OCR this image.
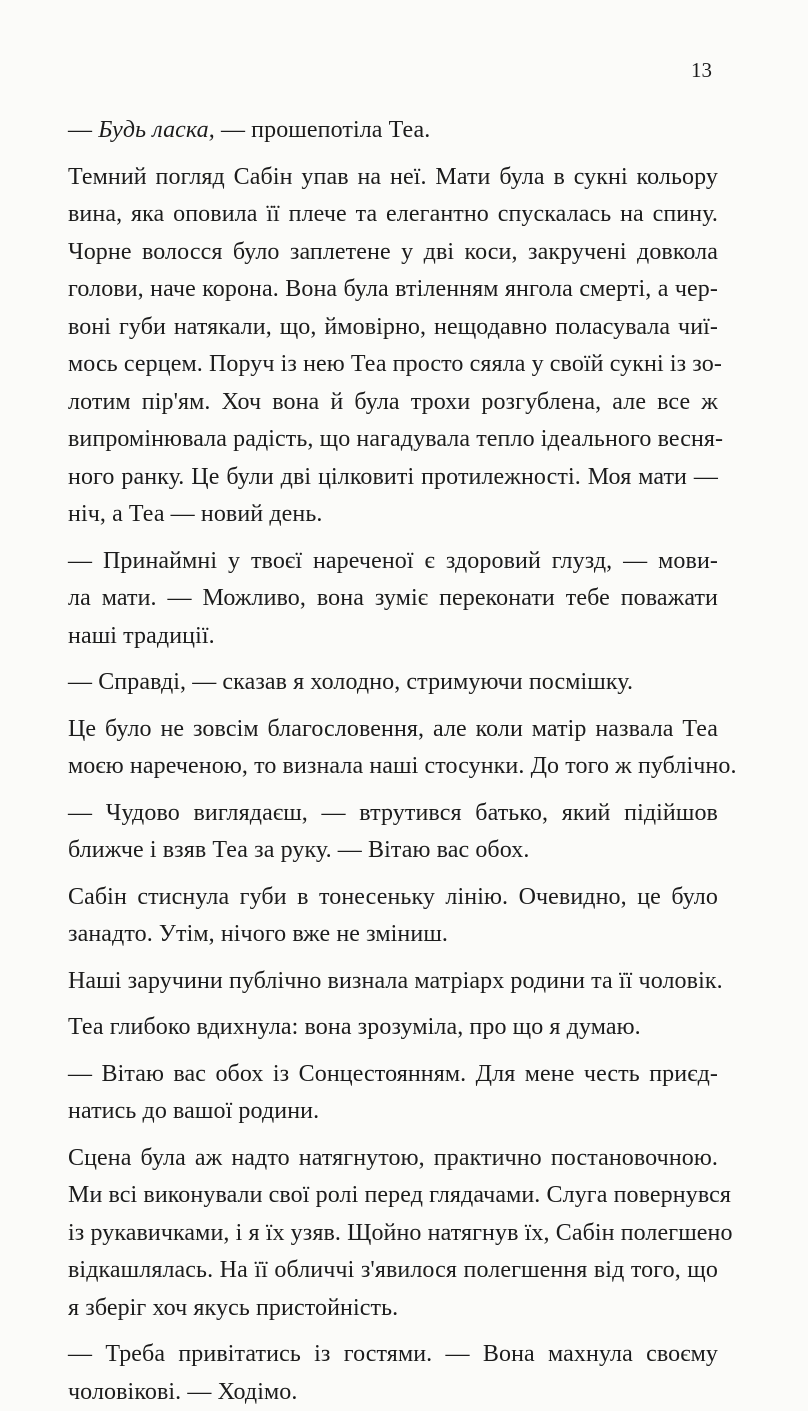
13
— Будь ласка, — прошепотіла Теа.
Темний погляд Сабін упав на неї. Мати була в сукні кольору
вина, яка оповила її плече та елегантно спускалась на спину.
Чорне волосся було заплетене у дві коси, закручені довкола
голови, наче корона. Вона була втіленням янгола смерті, а чер-
воні губи натякали, що, ймовірно, нещодавно поласувала чиї-
мось серцем. Поруч із нею Теа просто сяяла у своїй сукні із зо-
лотим пір'ям. Хоч вона й була трохи розгублена, але все ж
випромінювала радість, що нагадувала тепло ідеального весня-
ного ранку. Це були дві цілковиті протилежності. Моя мати —
ніч, а Теа — новий день.
— Принаймні у твоєї нареченої є здоровий глузд, — мови-
ла мати. — Можливо, вона зуміє переконати тебе поважати
наші традиції.
— Справді, — сказав я холодно, стримуючи посмішку.
Це було не зовсім благословення, але коли матір назвала Теа
моєю нареченою, то визнала наші стосунки. До того ж публічно.
— Чудово виглядаєш, — втрутився батько, який підійшов
ближче і взяв Теа за руку. — Вітаю вас обох.
Сабін стиснула губи в тонесеньку лінію. Очевидно, це було
занадто. Утім, нічого вже не зміниш.
Наші заручини публічно визнала матріарх родини та її чоловік.
Теа глибоко вдихнула: вона зрозуміла, про що я думаю.
— Вітаю вас обох із Сонцестоянням. Для мене честь приєд-
натись до вашої родини.
Сцена була аж надто натягнутою, практично постановочною.
Ми всі виконували свої ролі перед глядачами. Слуга повернувся
із рукавичками, і я їх узяв. Щойно натягнув їх, Сабін полегшено
відкашлялась. На її обличчі з'явилося полегшення від того, що
я зберіг хоч якусь пристойність.
— Треба привітатись із гостями. — Вона махнула своєму
чоловікові. — Ходімо.
